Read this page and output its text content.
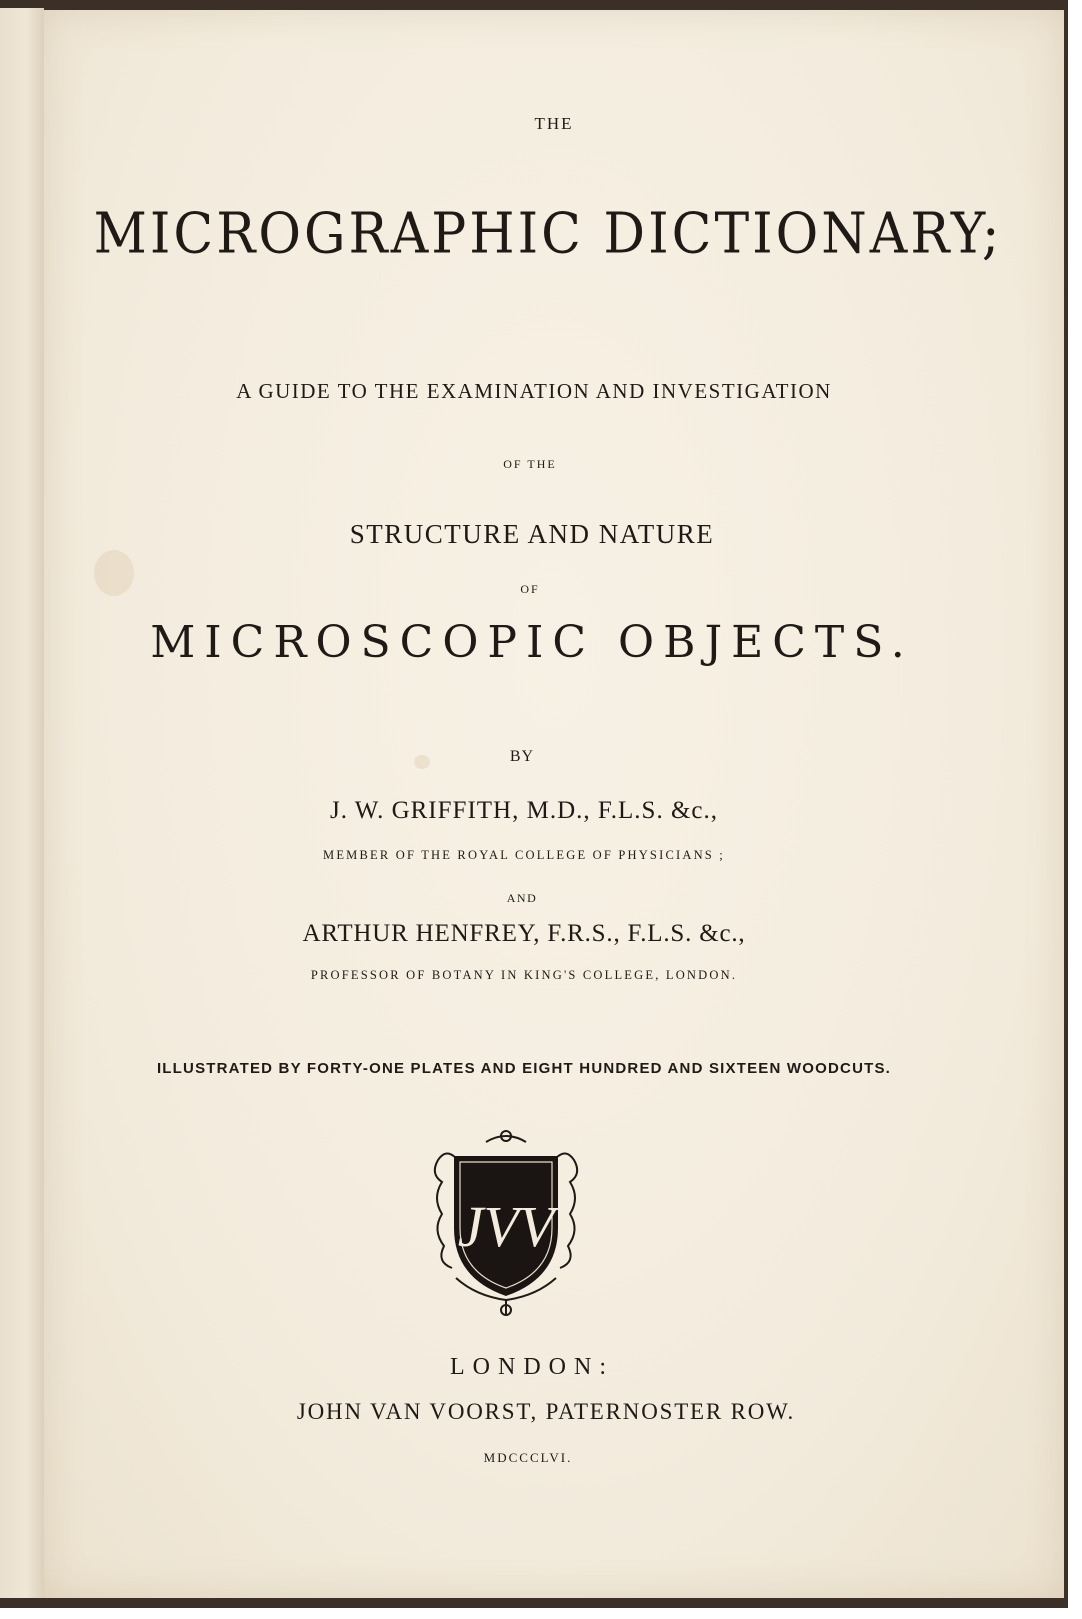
THE
MICROGRAPHIC DICTIONARY;
A GUIDE TO THE EXAMINATION AND INVESTIGATION
OF THE
STRUCTURE AND NATURE
OF
MICROSCOPIC OBJECTS.
BY
J. W. GRIFFITH, M.D., F.L.S. &c.,
MEMBER OF THE ROYAL COLLEGE OF PHYSICIANS ;
AND
ARTHUR HENFREY, F.R.S., F.L.S. &c.,
PROFESSOR OF BOTANY IN KING'S COLLEGE, LONDON.
ILLUSTRATED BY FORTY-ONE PLATES AND EIGHT HUNDRED AND SIXTEEN WOODCUTS.
JVV
LONDON:
JOHN VAN VOORST, PATERNOSTER ROW.
MDCCCLVI.
